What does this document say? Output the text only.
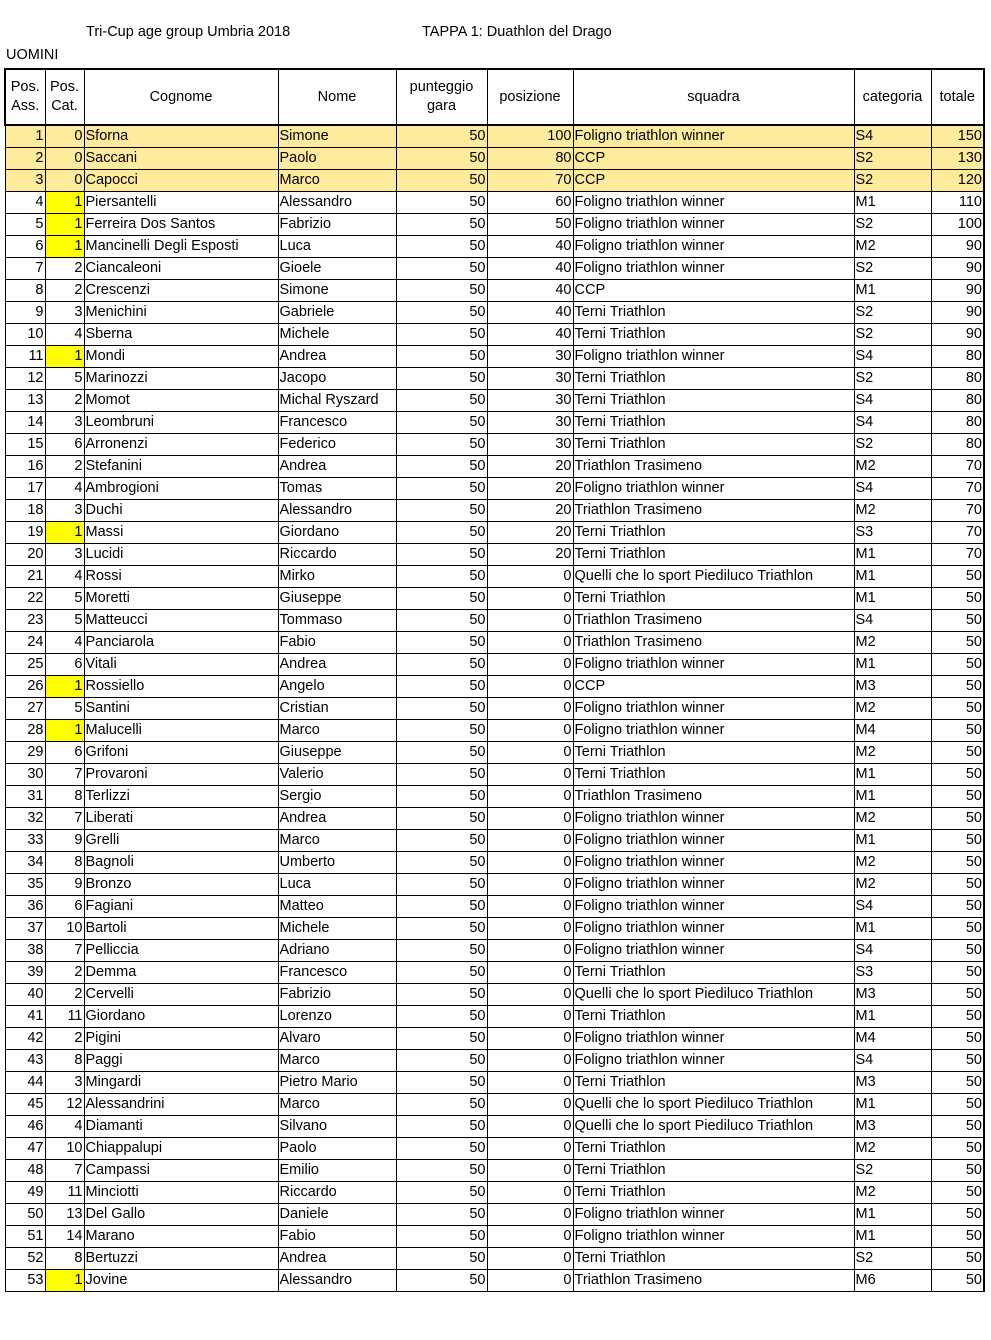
Tri-Cup age group Umbria 2018	TAPPA 1: Duathlon del Drago
UOMINI
Pos. Ass.	Pos. Cat.	Cognome	Nome	punteggio gara	posizione	squadra	categoria	totale
1	0	Sforna	Simone	50	100	Foligno triathlon winner	S4	150
2	0	Saccani	Paolo	50	80	CCP	S2	130
3	0	Capocci	Marco	50	70	CCP	S2	120
4	1	Piersantelli	Alessandro	50	60	Foligno triathlon winner	M1	110
5	1	Ferreira Dos Santos	Fabrizio	50	50	Foligno triathlon winner	S2	100
6	1	Mancinelli Degli Esposti	Luca	50	40	Foligno triathlon winner	M2	90
7	2	Ciancaleoni	Gioele	50	40	Foligno triathlon winner	S2	90
8	2	Crescenzi	Simone	50	40	CCP	M1	90
9	3	Menichini	Gabriele	50	40	Terni Triathlon	S2	90
10	4	Sberna	Michele	50	40	Terni Triathlon	S2	90
11	1	Mondi	Andrea	50	30	Foligno triathlon winner	S4	80
12	5	Marinozzi	Jacopo	50	30	Terni Triathlon	S2	80
13	2	Momot	Michal Ryszard	50	30	Terni Triathlon	S4	80
14	3	Leombruni	Francesco	50	30	Terni Triathlon	S4	80
15	6	Arronenzi	Federico	50	30	Terni Triathlon	S2	80
16	2	Stefanini	Andrea	50	20	Triathlon Trasimeno	M2	70
17	4	Ambrogioni	Tomas	50	20	Foligno triathlon winner	S4	70
18	3	Duchi	Alessandro	50	20	Triathlon Trasimeno	M2	70
19	1	Massi	Giordano	50	20	Terni Triathlon	S3	70
20	3	Lucidi	Riccardo	50	20	Terni Triathlon	M1	70
21	4	Rossi	Mirko	50	0	Quelli che lo sport Piediluco Triathlon	M1	50
22	5	Moretti	Giuseppe	50	0	Terni Triathlon	M1	50
23	5	Matteucci	Tommaso	50	0	Triathlon Trasimeno	S4	50
24	4	Panciarola	Fabio	50	0	Triathlon Trasimeno	M2	50
25	6	Vitali	Andrea	50	0	Foligno triathlon winner	M1	50
26	1	Rossiello	Angelo	50	0	CCP	M3	50
27	5	Santini	Cristian	50	0	Foligno triathlon winner	M2	50
28	1	Malucelli	Marco	50	0	Foligno triathlon winner	M4	50
29	6	Grifoni	Giuseppe	50	0	Terni Triathlon	M2	50
30	7	Provaroni	Valerio	50	0	Terni Triathlon	M1	50
31	8	Terlizzi	Sergio	50	0	Triathlon Trasimeno	M1	50
32	7	Liberati	Andrea	50	0	Foligno triathlon winner	M2	50
33	9	Grelli	Marco	50	0	Foligno triathlon winner	M1	50
34	8	Bagnoli	Umberto	50	0	Foligno triathlon winner	M2	50
35	9	Bronzo	Luca	50	0	Foligno triathlon winner	M2	50
36	6	Fagiani	Matteo	50	0	Foligno triathlon winner	S4	50
37	10	Bartoli	Michele	50	0	Foligno triathlon winner	M1	50
38	7	Pelliccia	Adriano	50	0	Foligno triathlon winner	S4	50
39	2	Demma	Francesco	50	0	Terni Triathlon	S3	50
40	2	Cervelli	Fabrizio	50	0	Quelli che lo sport Piediluco Triathlon	M3	50
41	11	Giordano	Lorenzo	50	0	Terni Triathlon	M1	50
42	2	Pigini	Alvaro	50	0	Foligno triathlon winner	M4	50
43	8	Paggi	Marco	50	0	Foligno triathlon winner	S4	50
44	3	Mingardi	Pietro Mario	50	0	Terni Triathlon	M3	50
45	12	Alessandrini	Marco	50	0	Quelli che lo sport Piediluco Triathlon	M1	50
46	4	Diamanti	Silvano	50	0	Quelli che lo sport Piediluco Triathlon	M3	50
47	10	Chiappalupi	Paolo	50	0	Terni Triathlon	M2	50
48	7	Campassi	Emilio	50	0	Terni Triathlon	S2	50
49	11	Minciotti	Riccardo	50	0	Terni Triathlon	M2	50
50	13	Del Gallo	Daniele	50	0	Foligno triathlon winner	M1	50
51	14	Marano	Fabio	50	0	Foligno triathlon winner	M1	50
52	8	Bertuzzi	Andrea	50	0	Terni Triathlon	S2	50
53	1	Jovine	Alessandro	50	0	Triathlon Trasimeno	M6	50
